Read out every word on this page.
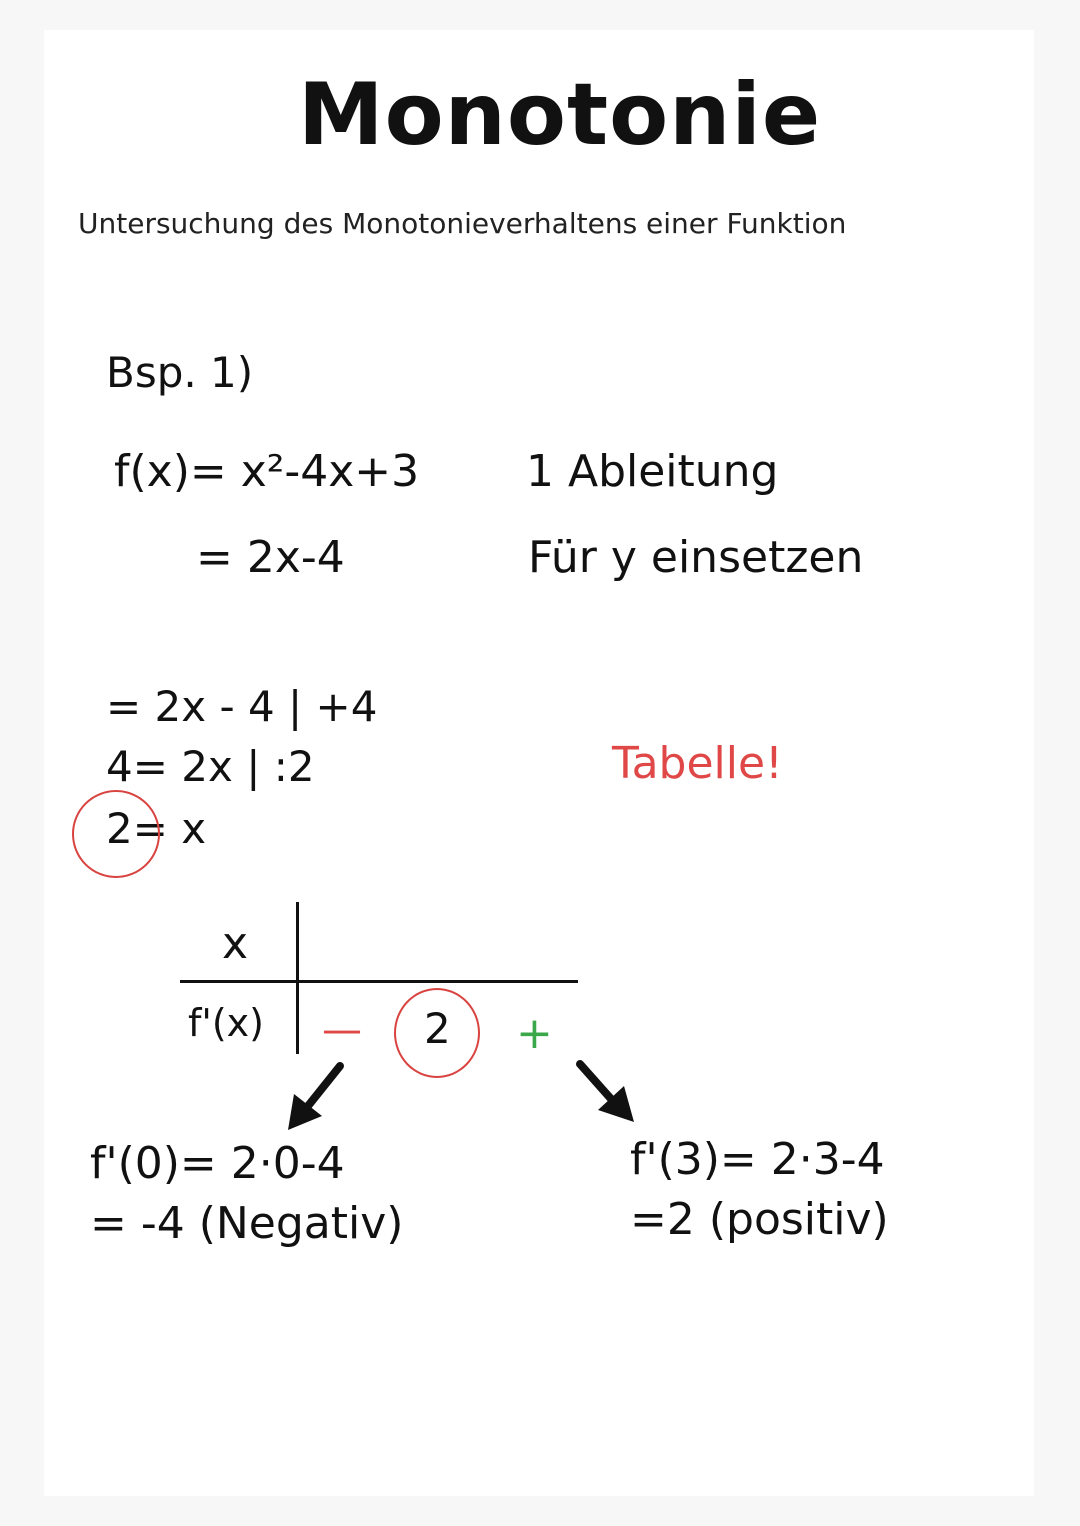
Monotonie
Untersuchung des Monotonieverhaltens einer Funktion
Bsp. 1)
f(x)= x²-4x+3
= 2x-4
1 Ableitung
Für y einsetzen
= 2x - 4 | +4
4= 2x | :2
2= x
Tabelle!
x
f'(x) — 2 +
f'(0)= 2·0-4
= -4 (Negativ)
f'(3)= 2·3-4
=2 (positiv)
